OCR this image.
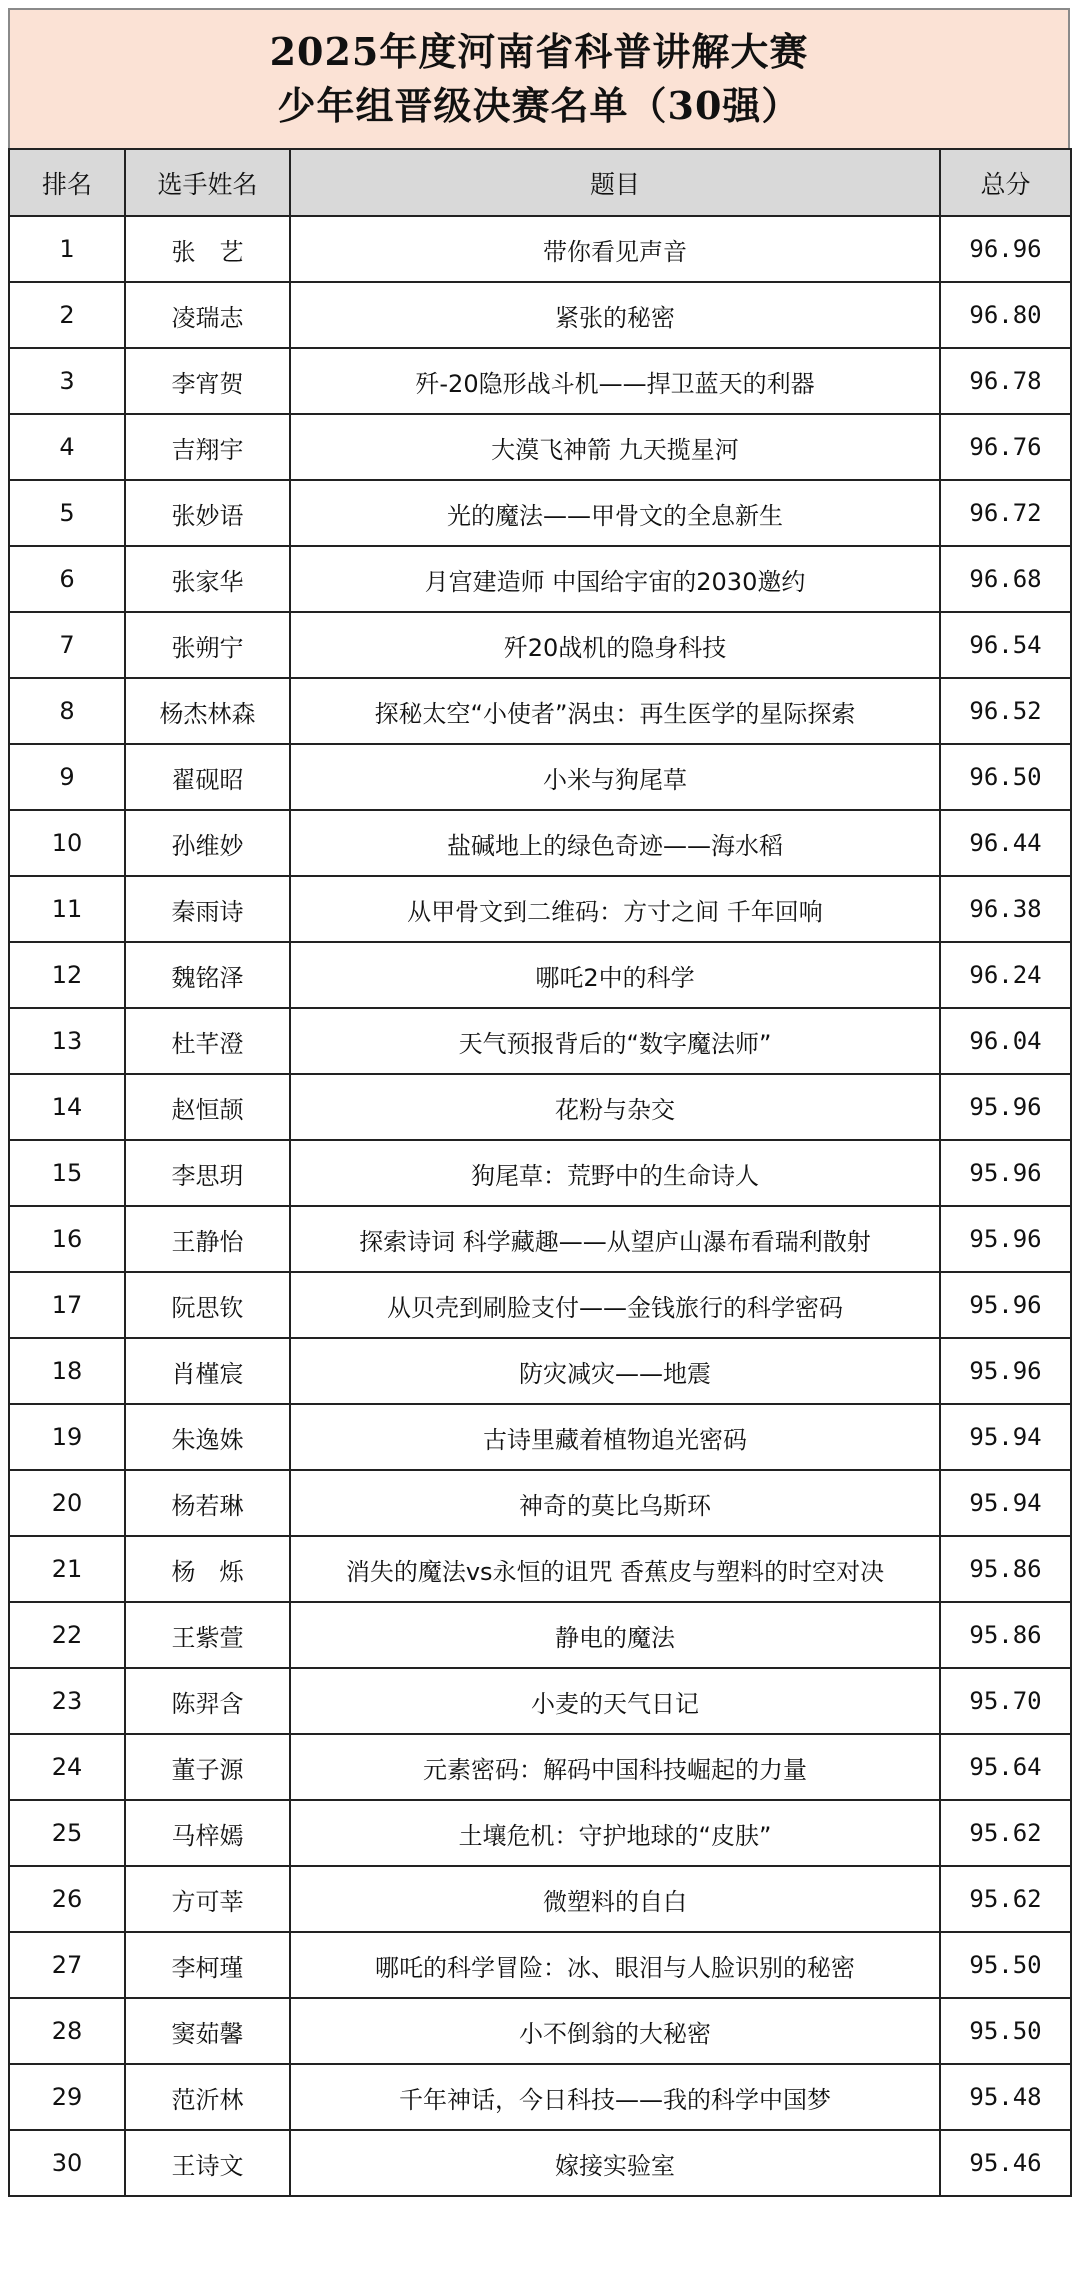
2025年度河南省科普讲解大赛
少年组晋级决赛名单（30强）
排名	选手姓名	题目	总分
1	张　艺	带你看见声音	96.96
2	凌瑞志	紧张的秘密	96.80
3	李宵贺	歼-20隐形战斗机——捍卫蓝天的利器	96.78
4	吉翔宇	大漠飞神箭 九天揽星河	96.76
5	张妙语	光的魔法——甲骨文的全息新生	96.72
6	张家华	月宫建造师 中国给宇宙的2030邀约	96.68
7	张朔宁	歼20战机的隐身科技	96.54
8	杨杰林森	探秘太空“小使者”涡虫：再生医学的星际探索	96.52
9	翟砚昭	小米与狗尾草	96.50
10	孙维妙	盐碱地上的绿色奇迹——海水稻	96.44
11	秦雨诗	从甲骨文到二维码：方寸之间 千年回响	96.38
12	魏铭泽	哪吒2中的科学	96.24
13	杜芊澄	天气预报背后的“数字魔法师”	96.04
14	赵恒颉	花粉与杂交	95.96
15	李思玥	狗尾草：荒野中的生命诗人	95.96
16	王静怡	探索诗词 科学藏趣——从望庐山瀑布看瑞利散射	95.96
17	阮思钦	从贝壳到刷脸支付——金钱旅行的科学密码	95.96
18	肖槿宸	防灾减灾——地震	95.96
19	朱逸姝	古诗里藏着植物追光密码	95.94
20	杨若琳	神奇的莫比乌斯环	95.94
21	杨　烁	消失的魔法vs永恒的诅咒 香蕉皮与塑料的时空对决	95.86
22	王紫萱	静电的魔法	95.86
23	陈羿含	小麦的天气日记	95.70
24	董子源	元素密码：解码中国科技崛起的力量	95.64
25	马梓嫣	土壤危机：守护地球的“皮肤”	95.62
26	方可莘	微塑料的自白	95.62
27	李柯瑾	哪吒的科学冒险：冰、眼泪与人脸识别的秘密	95.50
28	窦茹馨	小不倒翁的大秘密	95.50
29	范沂林	千年神话，今日科技——我的科学中国梦	95.48
30	王诗文	嫁接实验室	95.46
